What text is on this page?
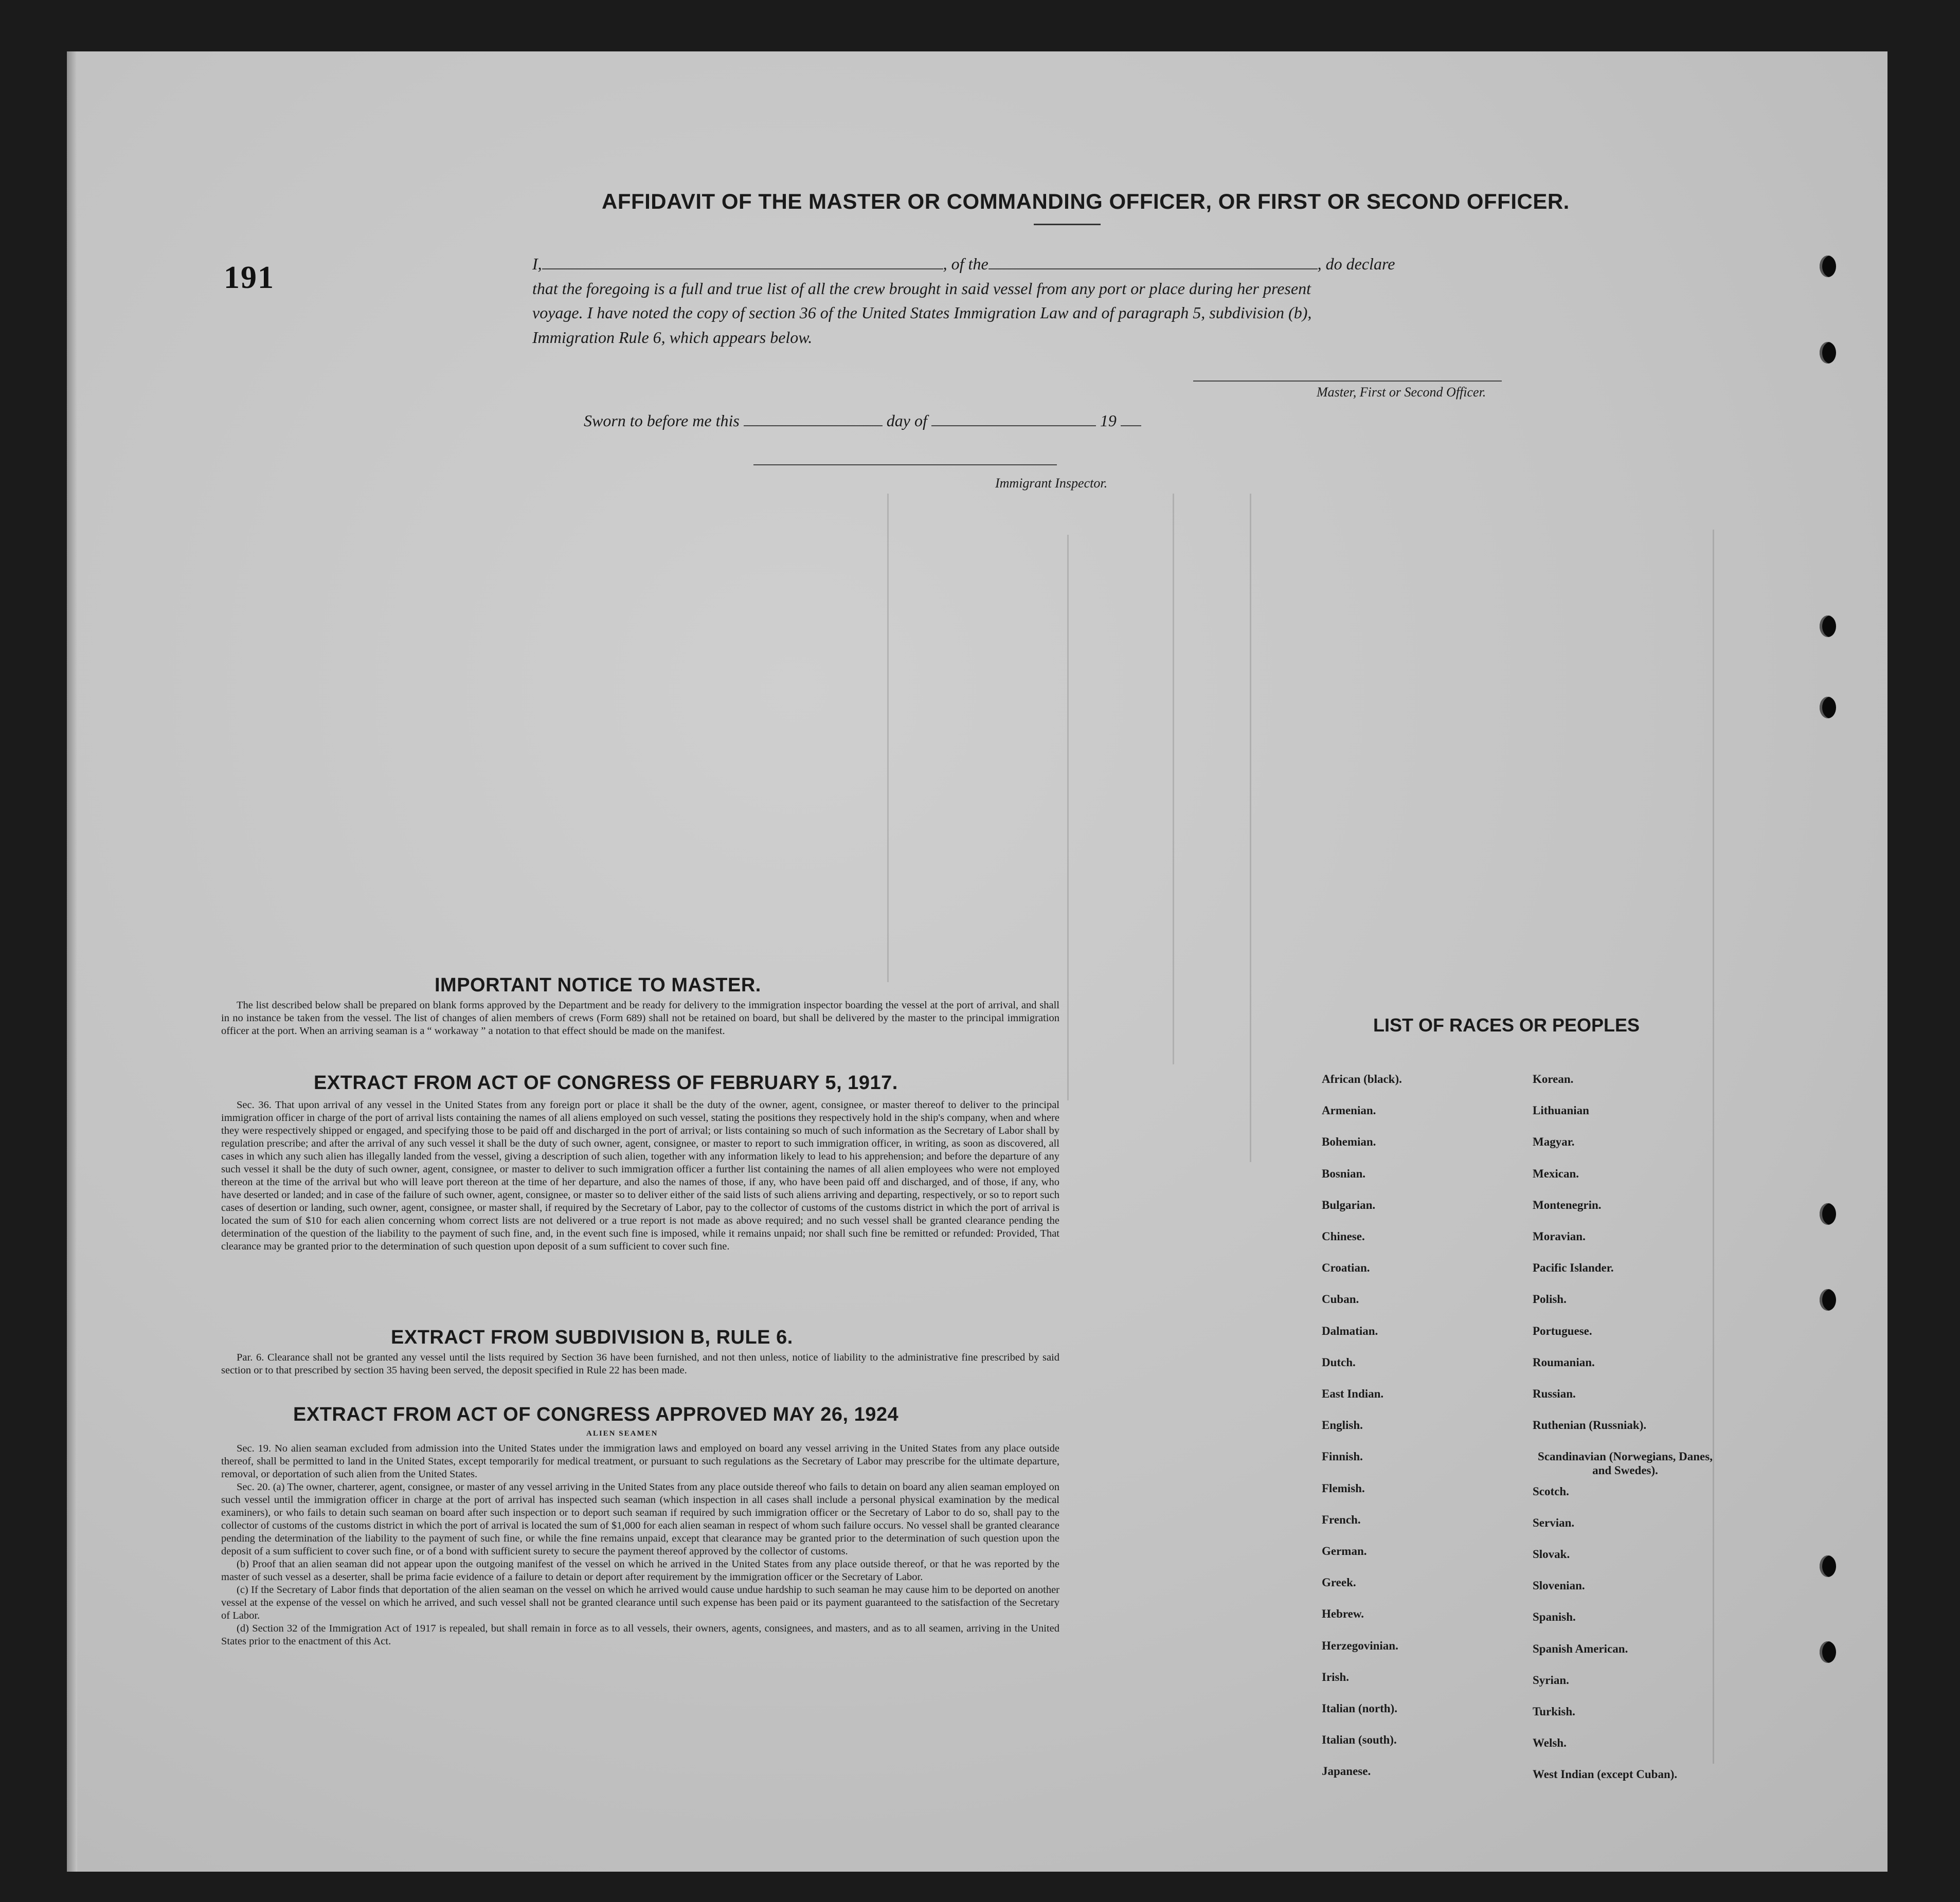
191
AFFIDAVIT OF THE MASTER OR COMMANDING OFFICER, OR FIRST OR SECOND OFFICER.
I,	, of the	, do declare
that the foregoing is a full and true list of all the crew brought in said vessel from any port or place during her present
voyage. I have noted the copy of section 36 of the United States Immigration Law and of paragraph 5, subdivision (b),
Immigration Rule 6, which appears below.
Master, First or Second Officer.
Sworn to before me this	day of	19
Immigrant Inspector.
IMPORTANT NOTICE TO MASTER.
The list described below shall be prepared on blank forms approved by the Department and be ready for delivery to the immigration inspector boarding the vessel at the port of arrival, and shall in no instance be taken from the vessel. The list of changes of alien members of crews (Form 689) shall not be retained on board, but shall be delivered by the master to the principal immigration officer at the port. When an arriving seaman is a “ workaway ” a notation to that effect should be made on the manifest.
EXTRACT FROM ACT OF CONGRESS OF FEBRUARY 5, 1917.
Sec. 36. That upon arrival of any vessel in the United States from any foreign port or place it shall be the duty of the owner, agent, consignee, or master thereof to deliver to the principal immigration officer in charge of the port of arrival lists containing the names of all aliens employed on such vessel, stating the positions they respectively hold in the ship's company, when and where they were respectively shipped or engaged, and specifying those to be paid off and discharged in the port of arrival; or lists containing so much of such information as the Secretary of Labor shall by regulation prescribe; and after the arrival of any such vessel it shall be the duty of such owner, agent, consignee, or master to report to such immigration officer, in writing, as soon as discovered, all cases in which any such alien has illegally landed from the vessel, giving a description of such alien, together with any information likely to lead to his apprehension; and before the departure of any such vessel it shall be the duty of such owner, agent, consignee, or master to deliver to such immigration officer a further list containing the names of all alien employees who were not employed thereon at the time of the arrival but who will leave port thereon at the time of her departure, and also the names of those, if any, who have been paid off and discharged, and of those, if any, who have deserted or landed; and in case of the failure of such owner, agent, consignee, or master so to deliver either of the said lists of such aliens arriving and departing, respectively, or so to report such cases of desertion or landing, such owner, agent, consignee, or master shall, if required by the Secretary of Labor, pay to the collector of customs of the customs district in which the port of arrival is located the sum of $10 for each alien concerning whom correct lists are not delivered or a true report is not made as above required; and no such vessel shall be granted clearance pending the determination of the question of the liability to the payment of such fine, and, in the event such fine is imposed, while it remains unpaid; nor shall such fine be remitted or refunded: Provided, That clearance may be granted prior to the determination of such question upon deposit of a sum sufficient to cover such fine.
EXTRACT FROM SUBDIVISION B, RULE 6.
Par. 6. Clearance shall not be granted any vessel until the lists required by Section 36 have been furnished, and not then unless, notice of liability to the administrative fine prescribed by said section or to that prescribed by section 35 having been served, the deposit specified in Rule 22 has been made.
EXTRACT FROM ACT OF CONGRESS APPROVED MAY 26, 1924
ALIEN SEAMEN
Sec. 19. No alien seaman excluded from admission into the United States under the immigration laws and employed on board any vessel arriving in the United States from any place outside thereof, shall be permitted to land in the United States, except temporarily for medical treatment, or pursuant to such regulations as the Secretary of Labor may prescribe for the ultimate departure, removal, or deportation of such alien from the United States.
Sec. 20. (a) The owner, charterer, agent, consignee, or master of any vessel arriving in the United States from any place outside thereof who fails to detain on board any alien seaman employed on such vessel until the immigration officer in charge at the port of arrival has inspected such seaman (which inspection in all cases shall include a personal physical examination by the medical examiners), or who fails to detain such seaman on board after such inspection or to deport such seaman if required by such immigration officer or the Secretary of Labor to do so, shall pay to the collector of customs of the customs district in which the port of arrival is located the sum of $1,000 for each alien seaman in respect of whom such failure occurs. No vessel shall be granted clearance pending the determination of the liability to the payment of such fine, or while the fine remains unpaid, except that clearance may be granted prior to the determination of such question upon the deposit of a sum sufficient to cover such fine, or of a bond with sufficient surety to secure the payment thereof approved by the collector of customs.
(b) Proof that an alien seaman did not appear upon the outgoing manifest of the vessel on which he arrived in the United States from any place outside thereof, or that he was reported by the master of such vessel as a deserter, shall be prima facie evidence of a failure to detain or deport after requirement by the immigration officer or the Secretary of Labor.
(c) If the Secretary of Labor finds that deportation of the alien seaman on the vessel on which he arrived would cause undue hardship to such seaman he may cause him to be deported on another vessel at the expense of the vessel on which he arrived, and such vessel shall not be granted clearance until such expense has been paid or its payment guaranteed to the satisfaction of the Secretary of Labor.
(d) Section 32 of the Immigration Act of 1917 is repealed, but shall remain in force as to all vessels, their owners, agents, consignees, and masters, and as to all seamen, arriving in the United States prior to the enactment of this Act.
LIST OF RACES OR PEOPLES
African (black).
Armenian.
Bohemian.
Bosnian.
Bulgarian.
Chinese.
Croatian.
Cuban.
Dalmatian.
Dutch.
East Indian.
English.
Finnish.
Flemish.
French.
German.
Greek.
Hebrew.
Herzegovinian.
Irish.
Italian (north).
Italian (south).
Japanese.
Korean.
Lithuanian
Magyar.
Mexican.
Montenegrin.
Moravian.
Pacific Islander.
Polish.
Portuguese.
Roumanian.
Russian.
Ruthenian (Russniak).
Scandinavian (Norwegians, Danes, and Swedes).
Scotch.
Servian.
Slovak.
Slovenian.
Spanish.
Spanish American.
Syrian.
Turkish.
Welsh.
West Indian (except Cuban).
